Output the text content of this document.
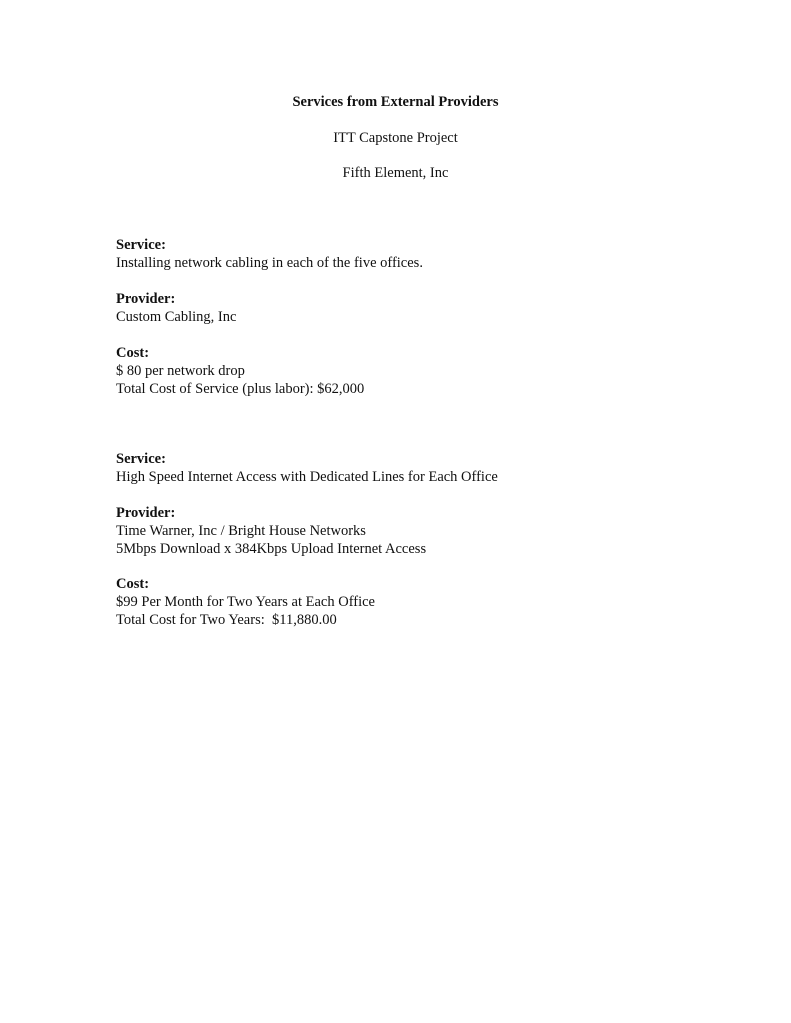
Services from External Providers
ITT Capstone Project
Fifth Element, Inc
Service:
Installing network cabling in each of the five offices.
Provider:
Custom Cabling, Inc
Cost:
$ 80 per network drop
Total Cost of Service (plus labor): $62,000
Service:
High Speed Internet Access with Dedicated Lines for Each Office
Provider:
Time Warner, Inc / Bright House Networks
5Mbps Download x 384Kbps Upload Internet Access
Cost:
$99 Per Month for Two Years at Each Office
Total Cost for Two Years:  $11,880.00
